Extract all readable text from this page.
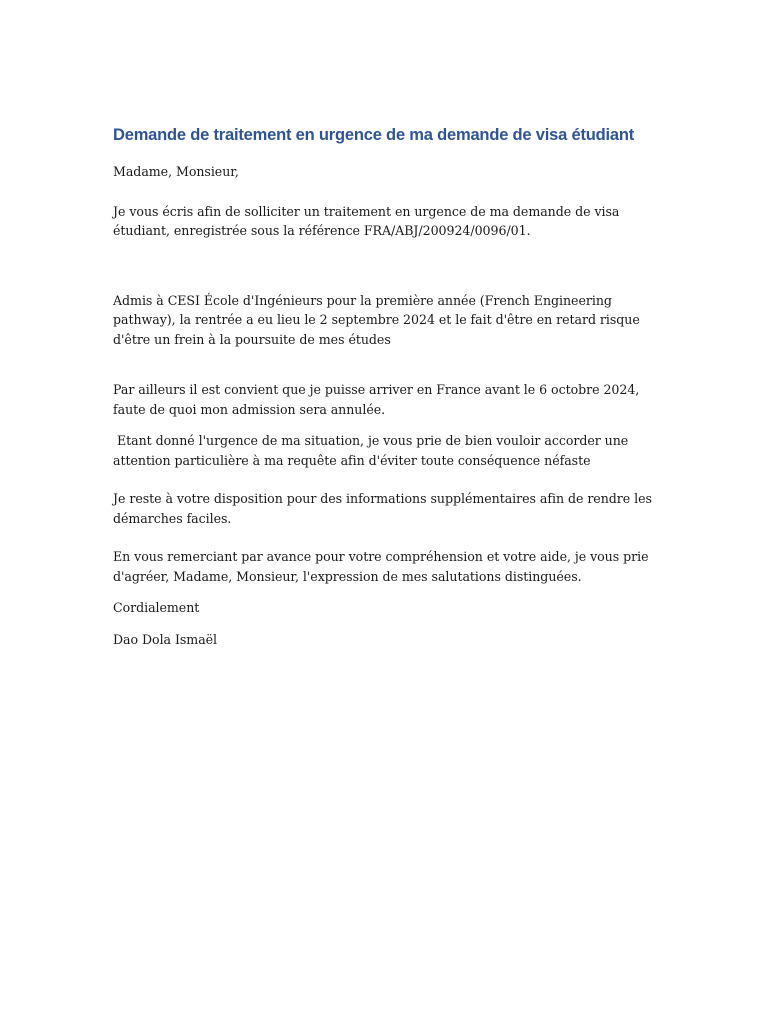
Demande de traitement en urgence de ma demande de visa étudiant

Madame, Monsieur,

Je vous écris afin de solliciter un traitement en urgence de ma demande de visa étudiant, enregistrée sous la référence FRA/ABJ/200924/0096/01.

Admis à CESI École d'Ingénieurs pour la première année (French Engineering pathway), la rentrée a eu lieu le 2 septembre 2024 et le fait d'être en retard risque d'être un frein à la poursuite de mes études

Par ailleurs il est convient que je puisse arriver en France avant le 6 octobre 2024, faute de quoi mon admission sera annulée.

Etant donné l'urgence de ma situation, je vous prie de bien vouloir accorder une attention particulière à ma requête afin d'éviter toute conséquence néfaste

Je reste à votre disposition pour des informations supplémentaires afin de rendre les démarches faciles.

En vous remerciant par avance pour votre compréhension et votre aide, je vous prie d'agréer, Madame, Monsieur, l'expression de mes salutations distinguées.

Cordialement

Dao Dola Ismaël
